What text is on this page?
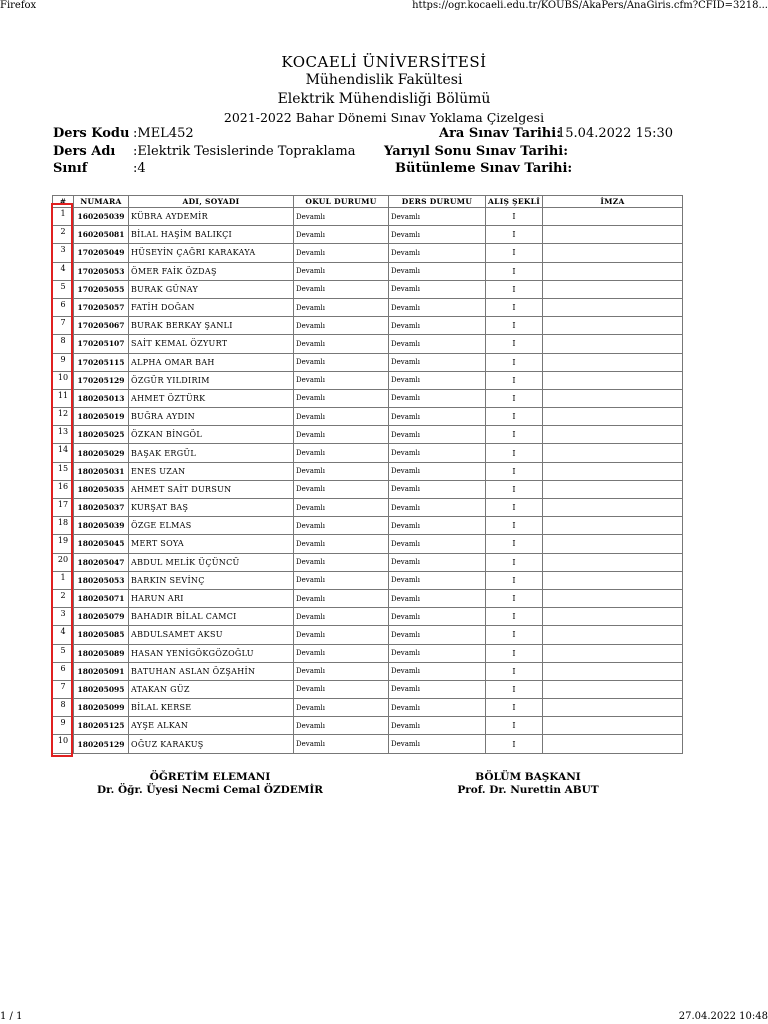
Firefox	https://ogr.kocaeli.edu.tr/KOUBS/AkaPers/AnaGiris.cfm?CFID=3218...
KOCAELİ ÜNİVERSİTESİ
Mühendislik Fakültesi
Elektrik Mühendisliği Bölümü
2021-2022 Bahar Dönemi Sınav Yoklama Çizelgesi
Ders Kodu :MEL452
Ders Adı :Elektrik Tesislerinde Topraklama
Sınıf	:4
Ara Sınav Tarihi:
15.04.2022 15:30
Yarıyıl Sonu Sınav Tarihi:
Bütünleme Sınav Tarihi:
#	NUMARA	ADI, SOYADI	OKUL DURUMU	DERS DURUMU	ALIŞ ŞEKLİ	İMZA
1	160205039	KÜBRA AYDEMİR	Devamlı	Devamlı	I	
2	160205081	BİLAL HAŞİM BALIKÇI	Devamlı	Devamlı	I	
3	170205049	HÜSEYİN ÇAĞRI KARAKAYA	Devamlı	Devamlı	I	
4	170205053	ÖMER FAİK ÖZDAŞ	Devamlı	Devamlı	I	
5	170205055	BURAK GÜNAY	Devamlı	Devamlı	I	
6	170205057	FATİH DOĞAN	Devamlı	Devamlı	I	
7	170205067	BURAK BERKAY ŞANLI	Devamlı	Devamlı	I	
8	170205107	SAİT KEMAL ÖZYURT	Devamlı	Devamlı	I	
9	170205115	ALPHA OMAR BAH	Devamlı	Devamlı	I	
10	170205129	ÖZGÜR YILDIRIM	Devamlı	Devamlı	I	
11	180205013	AHMET ÖZTÜRK	Devamlı	Devamlı	I	
12	180205019	BUĞRA AYDIN	Devamlı	Devamlı	I	
13	180205025	ÖZKAN BİNGÖL	Devamlı	Devamlı	I	
14	180205029	BAŞAK ERGÜL	Devamlı	Devamlı	I	
15	180205031	ENES UZAN	Devamlı	Devamlı	I	
16	180205035	AHMET SAİT DURSUN	Devamlı	Devamlı	I	
17	180205037	KURŞAT BAŞ	Devamlı	Devamlı	I	
18	180205039	ÖZGE ELMAS	Devamlı	Devamlı	I	
19	180205045	MERT SOYA	Devamlı	Devamlı	I	
20	180205047	ABDUL MELİK ÜÇÜNCÜ	Devamlı	Devamlı	I	
1	180205053	BARKIN SEVİNÇ	Devamlı	Devamlı	I	
2	180205071	HARUN ARI	Devamlı	Devamlı	I	
3	180205079	BAHADIR BİLAL CAMCI	Devamlı	Devamlı	I	
4	180205085	ABDULSAMET AKSU	Devamlı	Devamlı	I	
5	180205089	HASAN YENİGÖKGÖZOĞLU	Devamlı	Devamlı	I	
6	180205091	BATUHAN ASLAN ÖZŞAHİN	Devamlı	Devamlı	I	
7	180205095	ATAKAN GÜZ	Devamlı	Devamlı	I	
8	180205099	BİLAL KERSE	Devamlı	Devamlı	I	
9	180205125	AYŞE ALKAN	Devamlı	Devamlı	I	
10	180205129	OĞUZ KARAKUŞ	Devamlı	Devamlı	I	
ÖĞRETİM ELEMANI
Dr. Öğr. Üyesi Necmi Cemal ÖZDEMİR
BÖLÜM BAŞKANI
Prof. Dr. Nurettin ABUT
1 / 1	27.04.2022 10:48
